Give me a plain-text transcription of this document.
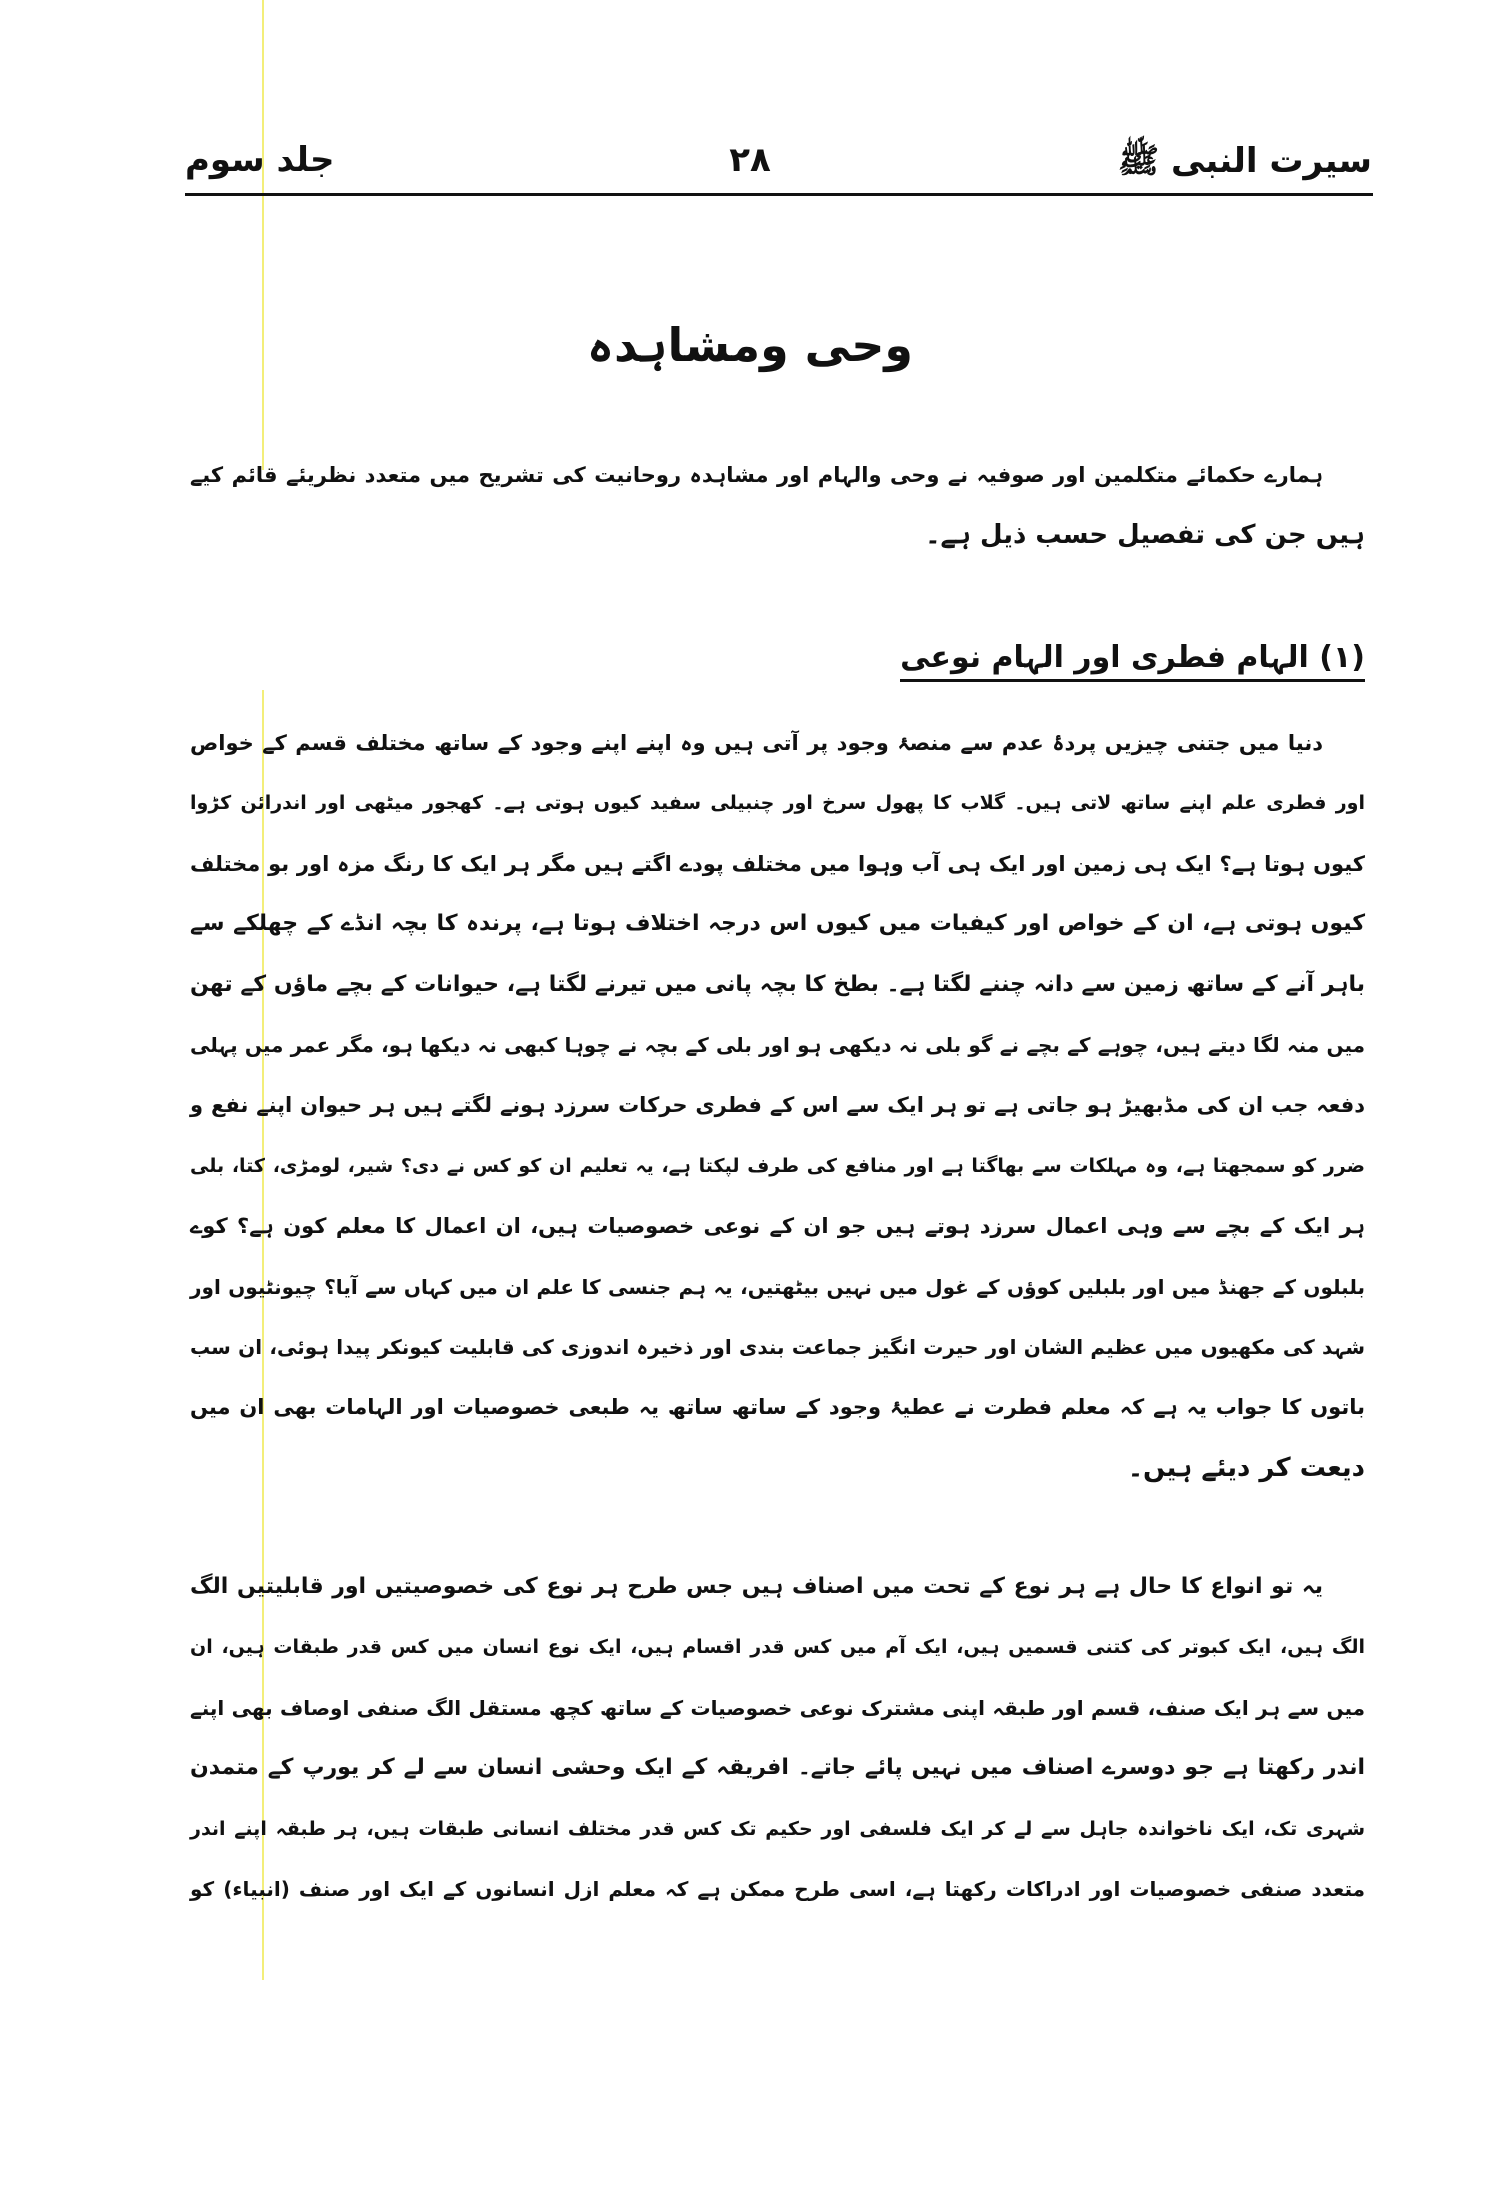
سیرت النبی ﷺ
۲۸
جلد سوم
وحی ومشاہدہ
ہمارے حکمائے متکلمین اور صوفیہ نے وحی والہام اور مشاہدہ روحانیت کی تشریح میں متعدد نظریئے قائم کیے
ہیں جن کی تفصیل حسب ذیل ہے۔
(۱) الہام فطری اور الہام نوعی
دنیا میں جتنی چیزیں پردۂ عدم سے منصۂ وجود پر آتی ہیں وہ اپنے اپنے وجود کے ساتھ مختلف قسم کے خواص
اور فطری علم اپنے ساتھ لاتی ہیں۔ گلاب کا پھول سرخ اور چنبیلی سفید کیوں ہوتی ہے۔ کھجور میٹھی اور اندرائن کڑوا
کیوں ہوتا ہے؟ ایک ہی زمین اور ایک ہی آب وہوا میں مختلف پودے اگتے ہیں مگر ہر ایک کا رنگ مزہ اور بو مختلف
کیوں ہوتی ہے، ان کے خواص اور کیفیات میں کیوں اس درجہ اختلاف ہوتا ہے، پرندہ کا بچہ انڈے کے چھلکے سے
باہر آنے کے ساتھ زمین سے دانہ چننے لگتا ہے۔ بطخ کا بچہ پانی میں تیرنے لگتا ہے، حیوانات کے بچے ماؤں کے تھن
میں منہ لگا دیتے ہیں، چوہے کے بچے نے گو بلی نہ دیکھی ہو اور بلی کے بچہ نے چوہا کبھی نہ دیکھا ہو، مگر عمر میں پہلی
دفعہ جب ان کی مڈبھیڑ ہو جاتی ہے تو ہر ایک سے اس کے فطری حرکات سرزد ہونے لگتے ہیں ہر حیوان اپنے نفع و
ضرر کو سمجھتا ہے، وہ مہلکات سے بھاگتا ہے اور منافع کی طرف لپکتا ہے، یہ تعلیم ان کو کس نے دی؟ شیر، لومڑی، کتا، بلی
ہر ایک کے بچے سے وہی اعمال سرزد ہوتے ہیں جو ان کے نوعی خصوصیات ہیں، ان اعمال کا معلم کون ہے؟ کوے
بلبلوں کے جھنڈ میں اور بلبلیں کوؤں کے غول میں نہیں بیٹھتیں، یہ ہم جنسی کا علم ان میں کہاں سے آیا؟ چیونٹیوں اور
شہد کی مکھیوں میں عظیم الشان اور حیرت انگیز جماعت بندی اور ذخیرہ اندوزی کی قابلیت کیونکر پیدا ہوئی، ان سب
باتوں کا جواب یہ ہے کہ معلم فطرت نے عطیۂ وجود کے ساتھ ساتھ یہ طبعی خصوصیات اور الہامات بھی ان میں
دیعت کر دیئے ہیں۔
یہ تو انواع کا حال ہے ہر نوع کے تحت میں اصناف ہیں جس طرح ہر نوع کی خصوصیتیں اور قابلیتیں الگ
الگ ہیں، ایک کبوتر کی کتنی قسمیں ہیں، ایک آم میں کس قدر اقسام ہیں، ایک نوع انسان میں کس قدر طبقات ہیں، ان
میں سے ہر ایک صنف، قسم اور طبقہ اپنی مشترک نوعی خصوصیات کے ساتھ کچھ مستقل الگ صنفی اوصاف بھی اپنے
اندر رکھتا ہے جو دوسرے اصناف میں نہیں پائے جاتے۔ افریقہ کے ایک وحشی انسان سے لے کر یورپ کے متمدن
شہری تک، ایک ناخواندہ جاہل سے لے کر ایک فلسفی اور حکیم تک کس قدر مختلف انسانی طبقات ہیں، ہر طبقہ اپنے اندر
متعدد صنفی خصوصیات اور ادراکات رکھتا ہے، اسی طرح ممکن ہے کہ معلم ازل انسانوں کے ایک اور صنف (انبیاء) کو
